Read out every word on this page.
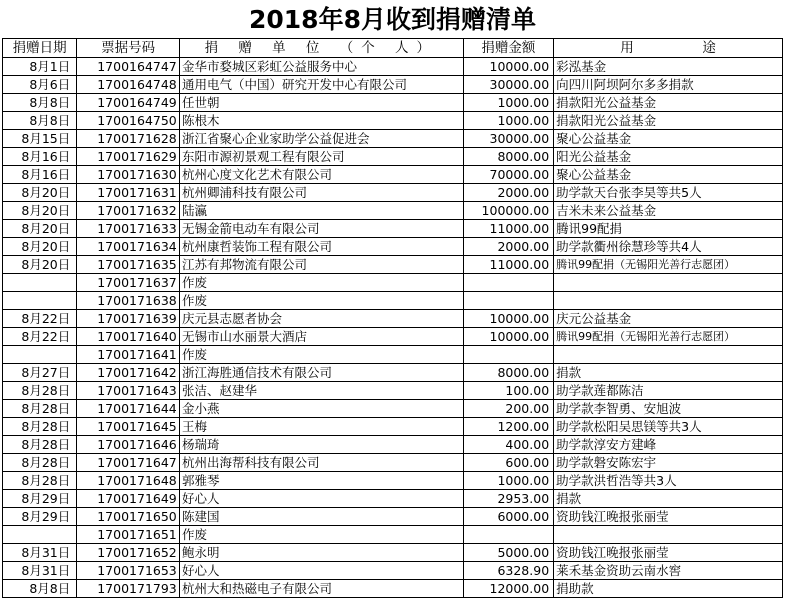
2018年8月收到捐赠清单
捐赠日期	票据号码	捐 赠 单 位 （个 人）	捐赠金额	用                途
8月1日	1700164747	金华市婺城区彩虹公益服务中心	10000.00	彩泓基金
8月6日	1700164748	通用电气（中国）研究开发中心有限公司	30000.00	向四川阿坝阿尔多多捐款
8月8日	1700164749	任世朝	1000.00	捐款阳光公益基金
8月8日	1700164750	陈根木	1000.00	捐款阳光公益基金
8月15日	1700171628	浙江省聚心企业家助学公益促进会	30000.00	聚心公益基金
8月16日	1700171629	东阳市源初景观工程有限公司	8000.00	阳光公益基金
8月16日	1700171630	杭州心度文化艺术有限公司	70000.00	聚心公益基金
8月20日	1700171631	杭州卿浦科技有限公司	2000.00	助学款天台张李昊等共5人
8月20日	1700171632	陆瀛	100000.00	吉米未来公益基金
8月20日	1700171633	无锡金箭电动车有限公司	11000.00	腾讯99配捐
8月20日	1700171634	杭州康哲装饰工程有限公司	2000.00	助学款衢州徐慧珍等共4人
8月20日	1700171635	江苏有邦物流有限公司	11000.00	腾讯99配捐（无锡阳光善行志愿团）
	1700171637	作废		
	1700171638	作废		
8月22日	1700171639	庆元县志愿者协会	10000.00	庆元公益基金
8月22日	1700171640	无锡市山水丽景大酒店	10000.00	腾讯99配捐（无锡阳光善行志愿团）
	1700171641	作废		
8月27日	1700171642	浙江海胜通信技术有限公司	8000.00	捐款
8月28日	1700171643	张洁、赵建华	100.00	助学款莲都陈洁
8月28日	1700171644	金小燕	200.00	助学款李智勇、安旭波
8月28日	1700171645	王梅	1200.00	助学款松阳吴思镁等共3人
8月28日	1700171646	杨瑞琦	400.00	助学款淳安方建峰
8月28日	1700171647	杭州出海帮科技有限公司	600.00	助学款磐安陈宏宇
8月28日	1700171648	郭雅琴	1000.00	助学款洪哲浩等共3人
8月29日	1700171649	好心人	2953.00	捐款
8月29日	1700171650	陈建国	6000.00	资助钱江晚报张丽莹
	1700171651	作废		
8月31日	1700171652	鲍永明	5000.00	资助钱江晚报张丽莹
8月31日	1700171653	好心人	6328.90	莱禾基金资助云南水窖
8月8日	1700171793	杭州大和热磁电子有限公司	12000.00	捐助款
